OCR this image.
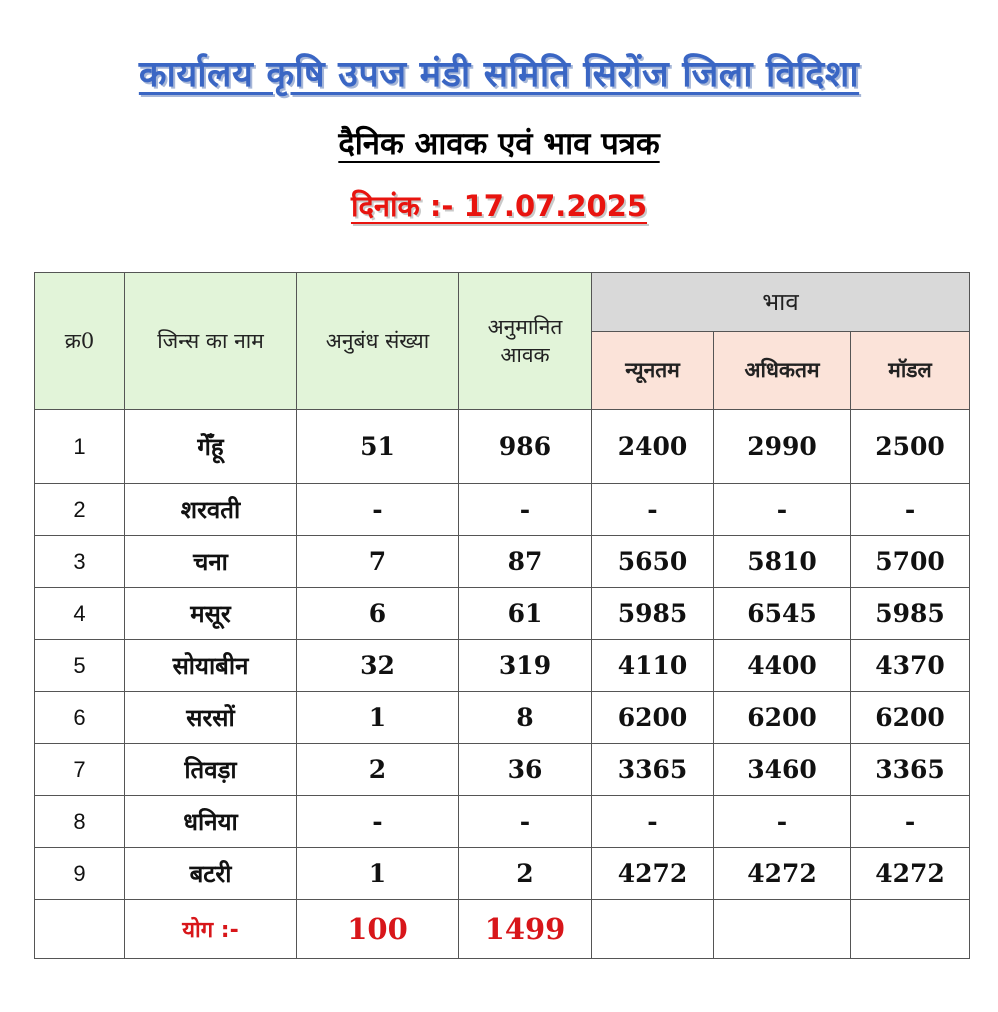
कार्यालय कृषि उपज मंडी समिति सिरोंज जिला विदिशा
दैनिक आवक एवं भाव पत्रक
दिनांक :- 17.07.2025
क्र0	जिन्स का नाम	अनुबंध संख्या	अनुमानित आवक	भाव		
				न्यूनतम	अधिकतम	मॉडल
1	गेँहू	51	986	2400	2990	2500
2	शरवती	-	-	-	-	-
3	चना	7	87	5650	5810	5700
4	मसूर	6	61	5985	6545	5985
5	सोयाबीन	32	319	4110	4400	4370
6	सरसों	1	8	6200	6200	6200
7	तिवड़ा	2	36	3365	3460	3365
8	धनिया	-	-	-	-	-
9	बटरी	1	2	4272	4272	4272
	योग :-	100	1499			
